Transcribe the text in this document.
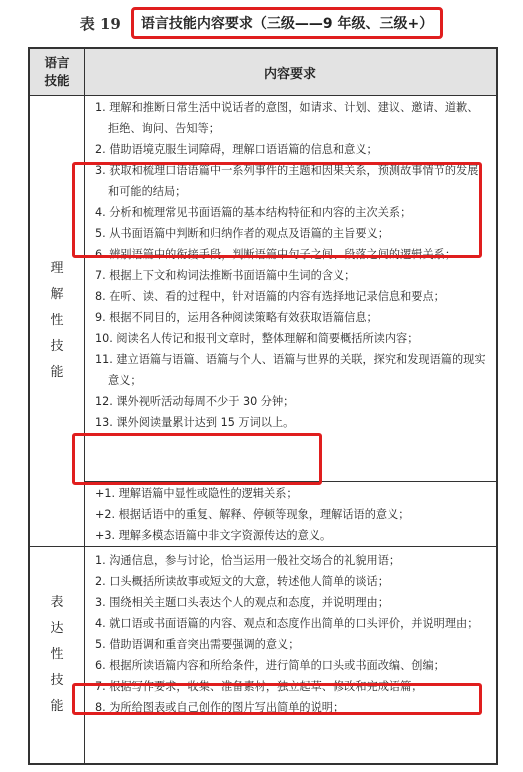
表 19	语言技能内容要求（三级——9 年级、三级+）
语言
技能	内容要求
理
解
性
技
能
1. 理解和推断日常生活中说话者的意图，如请求、计划、建议、邀请、道歉、拒绝、询问、告知等；
2. 借助语境克服生词障碍，理解口语语篇的信息和意义；
3. 获取和梳理口语语篇中一系列事件的主题和因果关系，预测故事情节的发展和可能的结局；
4. 分析和梳理常见书面语篇的基本结构特征和内容的主次关系；
5. 从书面语篇中判断和归纳作者的观点及语篇的主旨要义；
6. 辨别语篇中的衔接手段，判断语篇中句子之间、段落之间的逻辑关系；
7. 根据上下文和构词法推断书面语篇中生词的含义；
8. 在听、读、看的过程中，针对语篇的内容有选择地记录信息和要点；
9. 根据不同目的，运用各种阅读策略有效获取语篇信息；
10. 阅读名人传记和报刊文章时，整体理解和简要概括所读内容；
11. 建立语篇与语篇、语篇与个人、语篇与世界的关联，探究和发现语篇的现实意义；
12. 课外视听活动每周不少于 30 分钟；
13. 课外阅读量累计达到 15 万词以上。
+1. 理解语篇中显性或隐性的逻辑关系；
+2. 根据话语中的重复、解释、停顿等现象，理解话语的意义；
+3. 理解多模态语篇中非文字资源传达的意义。
表
达
性
技
能
1. 沟通信息，参与讨论，恰当运用一般社交场合的礼貌用语；
2. 口头概括所读故事或短文的大意，转述他人简单的谈话；
3. 围绕相关主题口头表达个人的观点和态度，并说明理由；
4. 就口语或书面语篇的内容、观点和态度作出简单的口头评价，并说明理由；
5. 借助语调和重音突出需要强调的意义；
6. 根据所读语篇内容和所给条件，进行简单的口头或书面改编、创编；
7. 根据写作要求，收集、准备素材，独立起草、修改和完成语篇；
8. 为所给图表或自己创作的图片写出简单的说明；
